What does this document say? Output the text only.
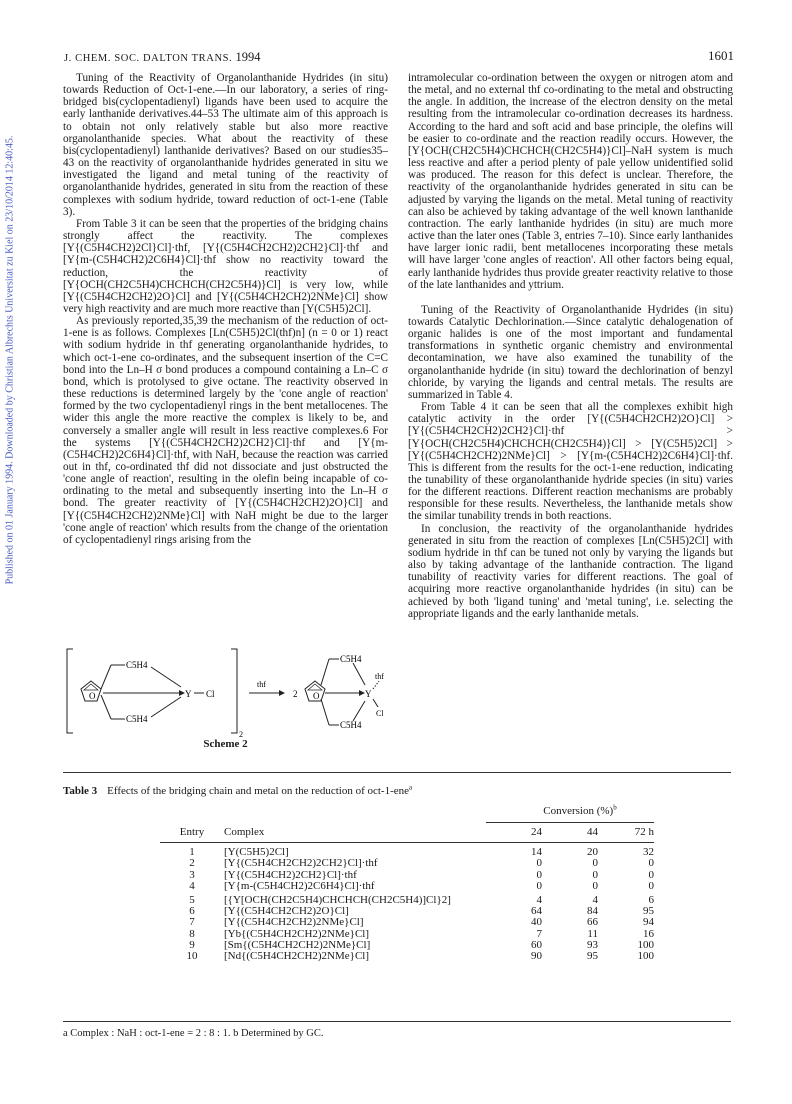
J. CHEM. SOC. DALTON TRANS. 1994	1601
Published on 01 January 1994. Downloaded by Christian Albrechts Universitat zu Kiel on 23/10/2014 12:40:45.

Tuning of the Reactivity of Organolanthanide Hydrides (in situ) towards Reduction of Oct-1-ene.—In our laboratory, a series of ring-bridged bis(cyclopentadienyl) ligands have been used to acquire the early lanthanide derivatives.44–53 The ultimate aim of this approach is to obtain not only relatively stable but also more reactive organolanthanide species. What about the reactivity of these bis(cyclopentadienyl) lanthanide derivatives? Based on our studies35–43 on the reactivity of organolanthanide hydrides generated in situ we investigated the ligand and metal tuning of the reactivity of organolanthanide hydrides, generated in situ from the reaction of these complexes with sodium hydride, toward reduction of oct-1-ene (Table 3).

From Table 3 it can be seen that the properties of the bridging chains strongly affect the reactivity. The complexes [Y{(C5H4CH2)2Cl}Cl]·thf, [Y{(C5H4CH2CH2)2CH2}Cl]·thf and [Y{m-(C5H4CH2)2C6H4}Cl]·thf show no reactivity toward the reduction, the reactivity of [Y{OCH(CH2C5H4)CHCHCH(CH2C5H4)}Cl] is very low, while [Y{(C5H4CH2CH2)2O}Cl] and [Y{(C5H4CH2CH2)2NMe}Cl] show very high reactivity and are much more reactive than [Y(C5H5)2Cl].

As previously reported,35,39 the mechanism of the reduction of oct-1-ene is as follows. Complexes [Ln(C5H5)2Cl(thf)n] (n = 0 or 1) react with sodium hydride in thf generating organolanthanide hydrides, to which oct-1-ene co-ordinates, and the subsequent insertion of the C=C bond into the Ln–H σ bond produces a compound containing a Ln–C σ bond, which is protolysed to give octane. The reactivity observed in these reductions is determined largely by the 'cone angle of reaction' formed by the two cyclopentadienyl rings in the bent metallocenes. The wider this angle the more reactive the complex is likely to be, and conversely a smaller angle will result in less reactive complexes.6 For the systems [Y{(C5H4CH2CH2)2CH2}Cl]·thf and [Y{m-(C5H4CH2)2C6H4}Cl]·thf, with NaH, because the reaction was carried out in thf, co-ordinated thf did not dissociate and just obstructed the 'cone angle of reaction', resulting in the olefin being incapable of co-ordinating to the metal and subsequently inserting into the Ln–H σ bond. The greater reactivity of [Y{(C5H4CH2CH2)2O}Cl] and [Y{(C5H4CH2CH2)2NMe}Cl] with NaH might be due to the larger 'cone angle of reaction' which results from the change of the orientation of cyclopentadienyl rings arising from the

intramolecular co-ordination between the oxygen or nitrogen atom and the metal, and no external thf co-ordinating to the metal and obstructing the angle. In addition, the increase of the electron density on the metal resulting from the intramolecular co-ordination decreases its hardness. According to the hard and soft acid and base principle, the olefins will be easier to co-ordinate and the reaction readily occurs. However, the [Y{OCH(CH2C5H4)CHCHCH(CH2C5H4)}Cl]–NaH system is much less reactive and after a period plenty of pale yellow unidentified solid was produced. The reason for this defect is unclear. Therefore, the reactivity of the organolanthanide hydrides generated in situ can be adjusted by varying the ligands on the metal. Metal tuning of reactivity can also be achieved by taking advantage of the well known lanthanide contraction. The early lanthanide hydrides (in situ) are much more active than the later ones (Table 3, entries 7–10). Since early lanthanides have larger ionic radii, bent metallocenes incorporating these metals will have larger 'cone angles of reaction'. All other factors being equal, early lanthanide hydrides thus provide greater reactivity relative to those of the late lanthanides and yttrium.

Tuning of the Reactivity of Organolanthanide Hydrides (in situ) towards Catalytic Dechlorination.—Since catalytic dehalogenation of organic halides is one of the most important and fundamental transformations in synthetic organic chemistry and environmental decontamination, we have also examined the tunability of the organolanthanide hydride (in situ) toward the dechlorination of benzyl chloride, by varying the ligands and central metals. The results are summarized in Table 4.

From Table 4 it can be seen that all the complexes exhibit high catalytic activity in the order [Y{(C5H4CH2CH2)2O}Cl] > [Y{(C5H4CH2CH2)2CH2}Cl]·thf > [Y{OCH(CH2C5H4)CHCHCH(CH2C5H4)}Cl] > [Y(C5H5)2Cl] > [Y{(C5H4CH2CH2)2NMe}Cl] > [Y{m-(C5H4CH2)2C6H4}Cl]·thf. This is different from the results for the oct-1-ene reduction, indicating the tunability of these organolanthanide hydride species (in situ) varies for the different reactions. Different reaction mechanisms are probably responsible for these results. Nevertheless, the lanthanide metals show the similar tunability trends in both reactions.

In conclusion, the reactivity of the organolanthanide hydrides generated in situ from the reaction of complexes [Ln(C5H5)2Cl] with sodium hydride in thf can be tuned not only by varying the ligands but also by taking advantage of the lanthanide contraction. The ligand tunability of reactivity varies for different reactions. The goal of acquiring more reactive organolanthanide hydrides (in situ) can be achieved by both 'ligand tuning' and 'metal tuning', i.e. selecting the appropriate ligands and the early lanthanide metals.

O
C5H4
C5H4
Y Cl
2
thf
2 O
C5H4
C5H4
Y
thf
Cl
Scheme 2
Table 3 Effects of the bridging chain and metal on the reduction of oct-1-ene$^a$
		Conversion (%)$^b$
Entry	Complex	24	44	72 h

1	[Y(C5H5)2Cl]	14	20	32
2	[Y{(C5H4CH2CH2)2CH2}Cl]·thf	0	0	0
3	[Y{(C5H4CH2)2CH2}Cl]·thf	0	0	0
4	[Y{m-(C5H4CH2)2C6H4}Cl]·thf	0	0	0
5	[{Y[OCH(CH2C5H4)CHCHCH(CH2C5H4)]Cl}2]	4	4	6
6	[Y{(C5H4CH2CH2)2O}Cl]	64	84	95
7	[Y{(C5H4CH2CH2)2NMe}Cl]	40	66	94
8	[Yb{(C5H4CH2CH2)2NMe}Cl]	7	11	16
9	[Sm{(C5H4CH2CH2)2NMe}Cl]	60	93	100
10	[Nd{(C5H4CH2CH2)2NMe}Cl]	90	95	100
a Complex : NaH : oct-1-ene = 2 : 8 : 1. b Determined by GC.
